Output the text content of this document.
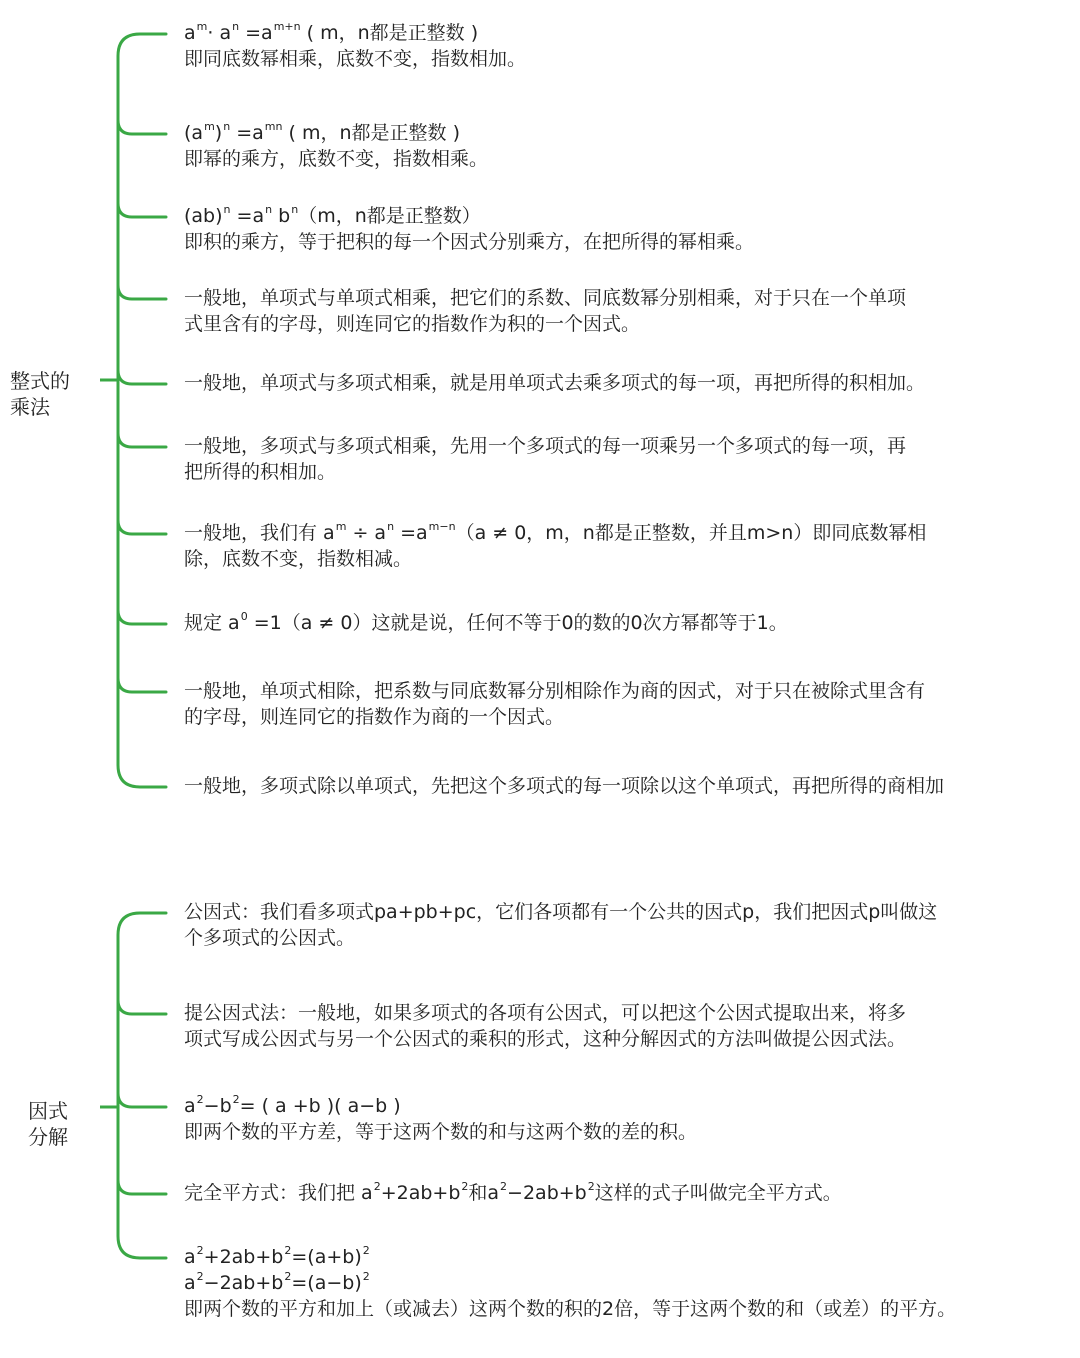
整式的
乘法
因式
分解
$a^m\cdot a^n =a^{m+n}$ ( m，n都是正整数 )
即同底数幂相乘，底数不变，指数相加。
$(a^m)^n =a^{mn}$ ( m，n都是正整数 )
即幂的乘方，底数不变，指数相乘。
$(ab)^n =a^n$ $b^n(m$，n都是正整数）
即积的乘方，等于把积的每一个因式分别乘方，在把所得的幂相乘。
一般地，单项式与单项式相乘，把它们的系数、同底数幂分别相乘，对于只在一个单项
式里含有的字母，则连同它的指数作为积的一个因式。
一般地，单项式与多项式相乘，就是用单项式去乘多项式的每一项，再把所得的积相加。
一般地，多项式与多项式相乘，先用一个多项式的每一项乘另一个多项式的每一项，再
把所得的积相加。
一般地，我们有 $a^m \div a^n =a^{m-n}(a \ne 0$，m，n都是正整数，并且m>n）即同底数幂相
除，底数不变，指数相减。
规定 $a^0 =1(a \ne 0)$这就是说，任何不等于0的数的0次方幂都等于1。
一般地，单项式相除，把系数与同底数幂分别相除作为商的因式，对于只在被除式里含有
的字母，则连同它的指数作为商的一个因式。
一般地，多项式除以单项式，先把这个多项式的每一项除以这个单项式，再把所得的商相加
公因式：我们看多项式pa+pb+pc，它们各项都有一个公共的因式p，我们把因式p叫做这
个多项式的公因式。
提公因式法：一般地，如果多项式的各项有公因式，可以把这个公因式提取出来，将多
项式写成公因式与另一个公因式的乘积的形式，这种分解因式的方法叫做提公因式法。
$a^2-b^2=$ ( a +b )( a−b )
即两个数的平方差，等于这两个数的和与这两个数的差的积。
完全平方式：我们把 $a^2+2ab+b^2$和$a^2-2ab+b^2$这样的式子叫做完全平方式。
$a^2+2ab+b^2=(a+b)^2$
$a^2-2ab+b^2=(a-b)^2$
即两个数的平方和加上（或减去）这两个数的积的2倍，等于这两个数的和（或差）的平方。
